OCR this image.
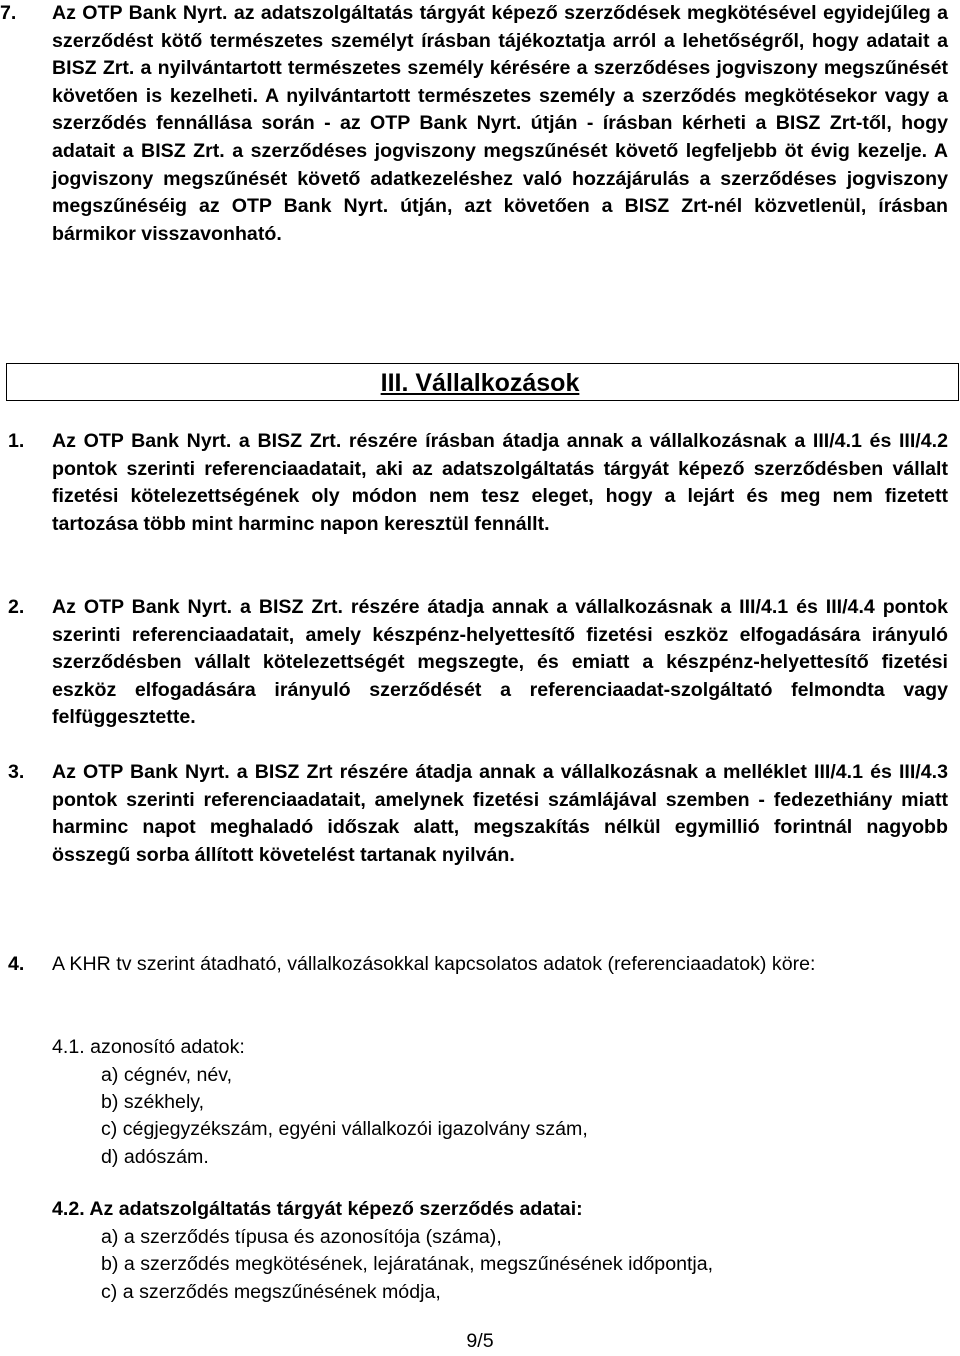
7. Az OTP Bank Nyrt. az adatszolgáltatás tárgyát képező szerződések megkötésével egyidejűleg a szerződést kötő természetes személyt írásban tájékoztatja arról a lehetőségről, hogy adatait a BISZ Zrt. a nyilvántartott természetes személy kérésére a szerződéses jogviszony megszűnését követően is kezelheti. A nyilvántartott természetes személy a szerződés megkötésekor vagy a szerződés fennállása során - az OTP Bank Nyrt. útján - írásban kérheti a BISZ Zrt-től, hogy adatait a BISZ Zrt. a szerződéses jogviszony megszűnését követő legfeljebb öt évig kezelje. A jogviszony megszűnését követő adatkezeléshez való hozzájárulás a szerződéses jogviszony megszűnéséig az OTP Bank Nyrt. útján, azt követően a BISZ Zrt-nél közvetlenül, írásban bármikor visszavonható.

III. Vállalkozások
1. Az OTP Bank Nyrt. a BISZ Zrt. részére írásban átadja annak a vállalkozásnak a III/4.1 és III/4.2 pontok szerinti referenciaadatait, aki az adatszolgáltatás tárgyát képező szerződésben vállalt fizetési kötelezettségének oly módon nem tesz eleget, hogy a lejárt és meg nem fizetett tartozása több mint harminc napon keresztül fennállt.

2. Az OTP Bank Nyrt. a BISZ Zrt. részére átadja annak a vállalkozásnak a III/4.1 és III/4.4 pontok szerinti referenciaadatait, amely készpénz-helyettesítő fizetési eszköz elfogadására irányuló szerződésben vállalt kötelezettségét megszegte, és emiatt a készpénz-helyettesítő fizetési eszköz elfogadására irányuló szerződését a referenciaadat-szolgáltató felmondta vagy felfüggesztette.

3. Az OTP Bank Nyrt. a BISZ Zrt részére átadja annak a vállalkozásnak a melléklet III/4.1 és III/4.3 pontok szerinti referenciaadatait, amelynek fizetési számlájával szemben - fedezethiány miatt harminc napot meghaladó időszak alatt, megszakítás nélkül egymillió forintnál nagyobb összegű sorba állított követelést tartanak nyilván.

4. A KHR tv szerint átadható, vállalkozásokkal kapcsolatos adatok (referenciaadatok) köre:

4.1. azonosító adatok:

a) cégnév, név,

b) székhely,

c) cégjegyzékszám, egyéni vállalkozói igazolvány szám,

d) adószám.

4.2. Az adatszolgáltatás tárgyát képező szerződés adatai:

a) a szerződés típusa és azonosítója (száma),

b) a szerződés megkötésének, lejáratának, megszűnésének időpontja,

c) a szerződés megszűnésének módja,

9/5
